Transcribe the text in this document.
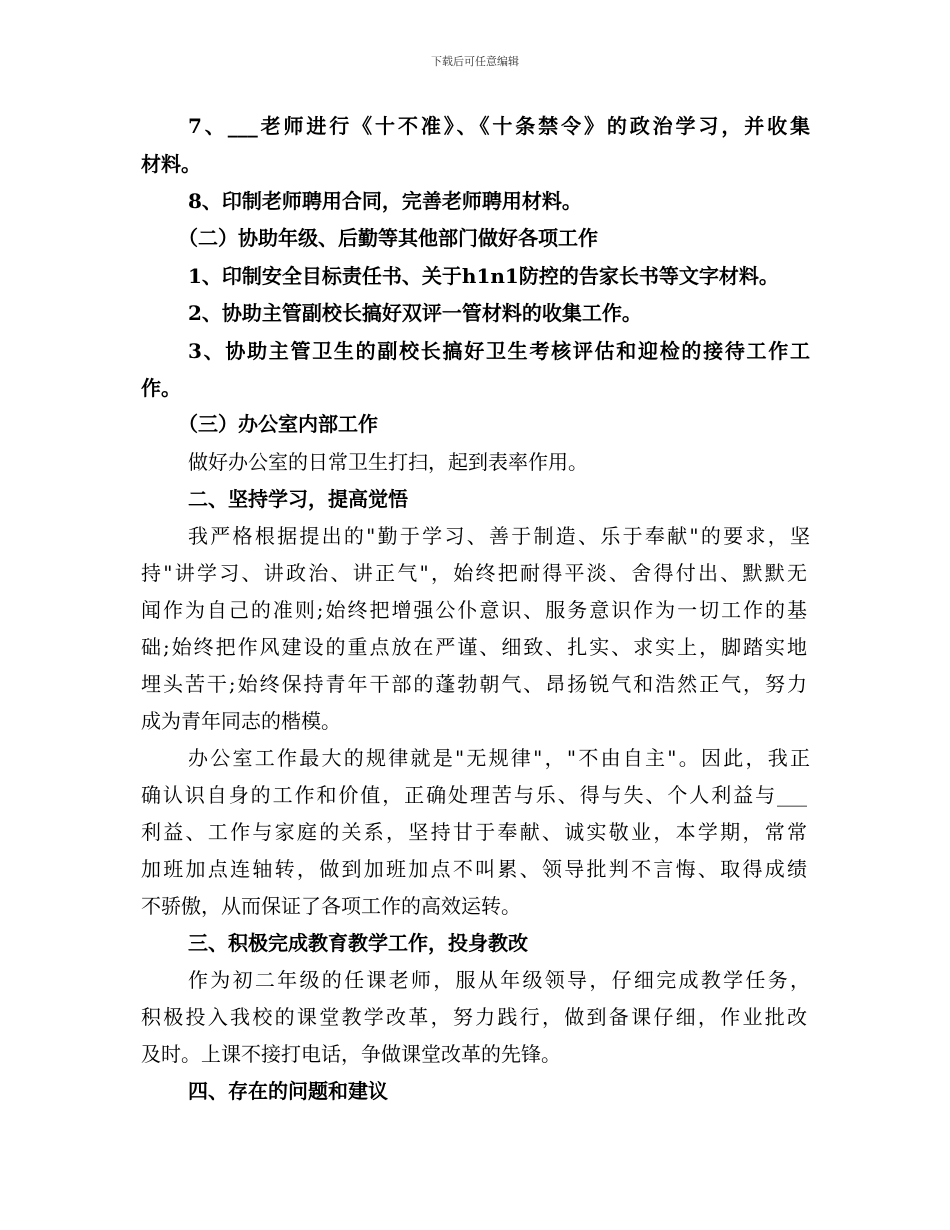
下载后可任意编辑
7、___老师进行《十不准》、《十条禁令》的政治学习，并收集
材料。
8、印制老师聘用合同，完善老师聘用材料。
（二）协助年级、后勤等其他部门做好各项工作
1、印制安全目标责任书、关于h1n1防控的告家长书等文字材料。
2、协助主管副校长搞好双评一管材料的收集工作。
3、协助主管卫生的副校长搞好卫生考核评估和迎检的接待工作工
作。
（三）办公室内部工作
做好办公室的日常卫生打扫，起到表率作用。
二、坚持学习，提高觉悟
我严格根据提出的"勤于学习、善于制造、乐于奉献"的要求，坚
持"讲学习、讲政治、讲正气"，始终把耐得平淡、舍得付出、默默无
闻作为自己的准则;始终把增强公仆意识、服务意识作为一切工作的基
础;始终把作风建设的重点放在严谨、细致、扎实、求实上，脚踏实地
埋头苦干;始终保持青年干部的蓬勃朝气、昂扬锐气和浩然正气，努力
成为青年同志的楷模。
办公室工作最大的规律就是"无规律"，"不由自主"。因此，我正
确认识自身的工作和价值，正确处理苦与乐、得与失、个人利益与___
利益、工作与家庭的关系，坚持甘于奉献、诚实敬业，本学期，常常
加班加点连轴转，做到加班加点不叫累、领导批判不言悔、取得成绩
不骄傲，从而保证了各项工作的高效运转。
三、积极完成教育教学工作，投身教改
作为初二年级的任课老师，服从年级领导，仔细完成教学任务，
积极投入我校的课堂教学改革，努力践行，做到备课仔细，作业批改
及时。上课不接打电话，争做课堂改革的先锋。
四、存在的问题和建议
